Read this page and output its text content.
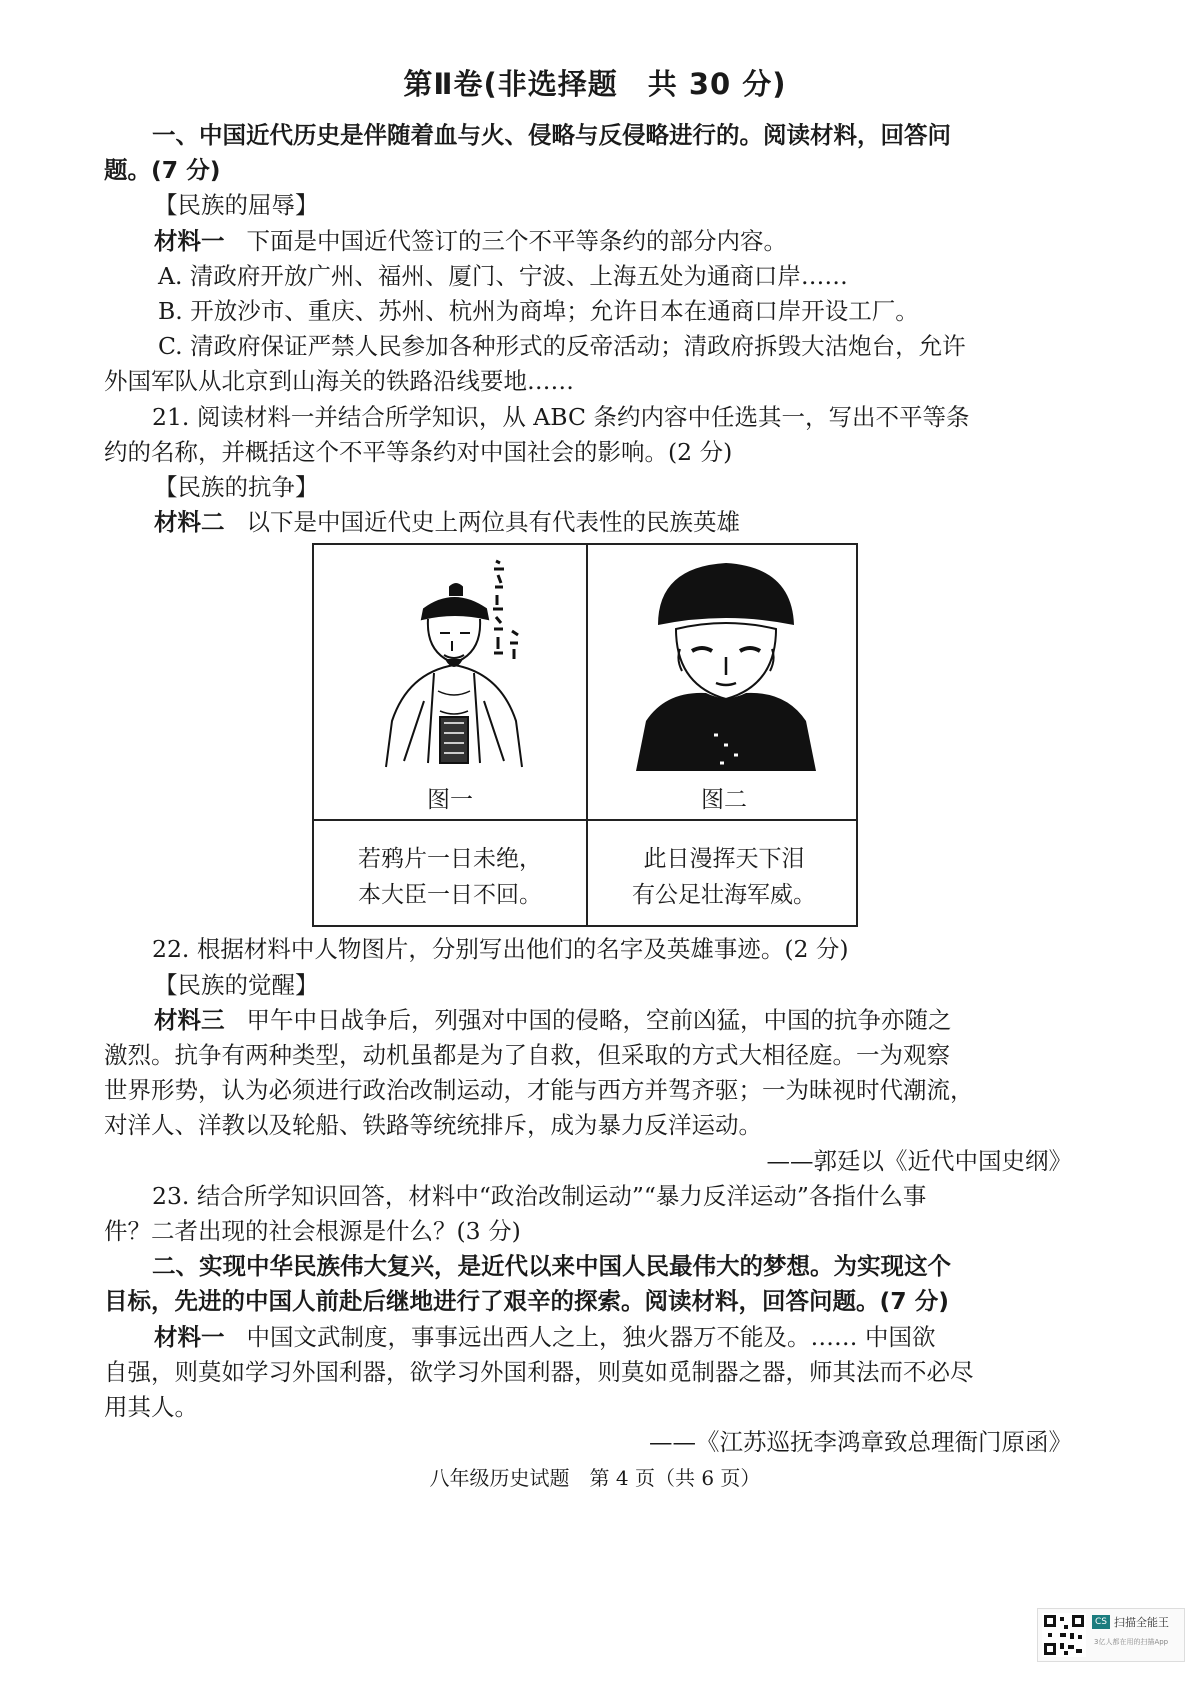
第Ⅱ卷(非选择题　共 30 分)

一、中国近代历史是伴随着血与火、侵略与反侵略进行的。阅读材料，回答问

题。(7 分)

【民族的屈辱】

材料一 下面是中国近代签订的三个不平等条约的部分内容。

A. 清政府开放广州、福州、厦门、宁波、上海五处为通商口岸……

B. 开放沙市、重庆、苏州、杭州为商埠；允许日本在通商口岸开设工厂。

C. 清政府保证严禁人民参加各种形式的反帝活动；清政府拆毁大沽炮台，允许

外国军队从北京到山海关的铁路沿线要地……

21. 阅读材料一并结合所学知识，从 ABC 条约内容中任选其一，写出不平等条

约的名称，并概括这个不平等条约对中国社会的影响。(2 分)

【民族的抗争】

材料二 以下是中国近代史上两位具有代表性的民族英雄

22. 根据材料中人物图片，分别写出他们的名字及英雄事迹。(2 分)

【民族的觉醒】

材料三 甲午中日战争后，列强对中国的侵略，空前凶猛，中国的抗争亦随之

激烈。抗争有两种类型，动机虽都是为了自救，但采取的方式大相径庭。一为观察

世界形势，认为必须进行政治改制运动，才能与西方并驾齐驱；一为昧视时代潮流，

对洋人、洋教以及轮船、铁路等统统排斥，成为暴力反洋运动。

——郭廷以《近代中国史纲》

23. 结合所学知识回答，材料中“政治改制运动”“暴力反洋运动”各指什么事

件？二者出现的社会根源是什么？(3 分)

二、实现中华民族伟大复兴，是近代以来中国人民最伟大的梦想。为实现这个

目标，先进的中国人前赴后继地进行了艰辛的探索。阅读材料，回答问题。(7 分)

材料一 中国文武制度，事事远出西人之上，独火器万不能及。…… 中国欲

自强，则莫如学习外国利器，欲学习外国利器，则莫如觅制器之器，师其法而不必尽

用其人。

——《江苏巡抚李鸿章致总理衙门原函》

图一	图二
若鸦片一日未绝，
本大臣一日不回。
此日漫挥天下泪
有公足壮海军威。
八年级历史试题　第 4 页（共 6 页）
CS 扫描全能王
3亿人都在用的扫描App
